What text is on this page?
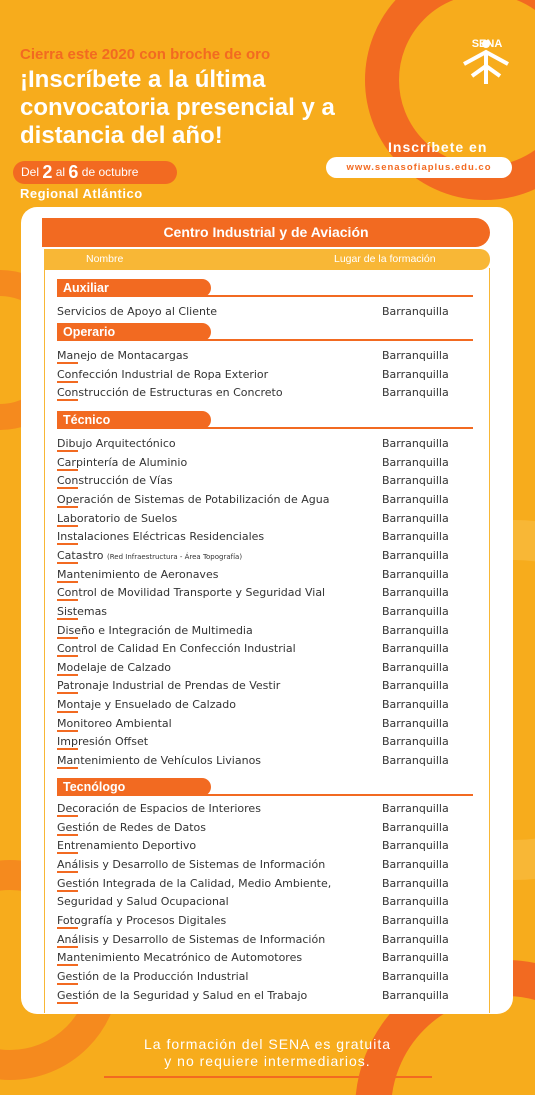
Cierra este 2020 con broche de oro
¡Inscríbete a la última convocatoria presencial y a distancia del año!
SENA
Inscríbete en
www.senasofiaplus.edu.co
Del 2 al 6 de octubre
Regional Atlántico
Centro Industrial y de Aviación
Nombre	Lugar de la formación
Auxiliar
Servicios de Apoyo al Cliente	Barranquilla
Operario
Manejo de Montacargas	Barranquilla
Confección Industrial de Ropa Exterior	Barranquilla
Construcción de Estructuras en Concreto	Barranquilla
Técnico
Dibujo Arquitectónico	Barranquilla
Carpintería de Aluminio	Barranquilla
Construcción de Vías	Barranquilla
Operación de Sistemas de Potabilización de Agua	Barranquilla
Laboratorio de Suelos	Barranquilla
Instalaciones Eléctricas Residenciales	Barranquilla
Catastro (Red Infraestructura - Área Topografía)	Barranquilla
Mantenimiento de Aeronaves	Barranquilla
Control de Movilidad Transporte y Seguridad Vial	Barranquilla
Sistemas	Barranquilla
Diseño e Integración de Multimedia	Barranquilla
Control de Calidad En Confección Industrial	Barranquilla
Modelaje de Calzado	Barranquilla
Patronaje Industrial de Prendas de Vestir	Barranquilla
Montaje y Ensuelado de Calzado	Barranquilla
Monitoreo Ambiental	Barranquilla
Impresión Offset	Barranquilla
Mantenimiento de Vehículos Livianos	Barranquilla
Tecnólogo
Decoración de Espacios de Interiores	Barranquilla
Gestión de Redes de Datos	Barranquilla
Entrenamiento Deportivo	Barranquilla
Análisis y Desarrollo de Sistemas de Información	Barranquilla
Gestión Integrada de la Calidad, Medio Ambiente,	Barranquilla
Seguridad y Salud Ocupacional	Barranquilla
Fotografía y Procesos Digitales	Barranquilla
Análisis y Desarrollo de Sistemas de Información	Barranquilla
Mantenimiento Mecatrónico de Automotores	Barranquilla
Gestión de la Producción Industrial	Barranquilla
Gestión de la Seguridad y Salud en el Trabajo	Barranquilla
La formación del SENA es gratuita
y no requiere intermediarios.
